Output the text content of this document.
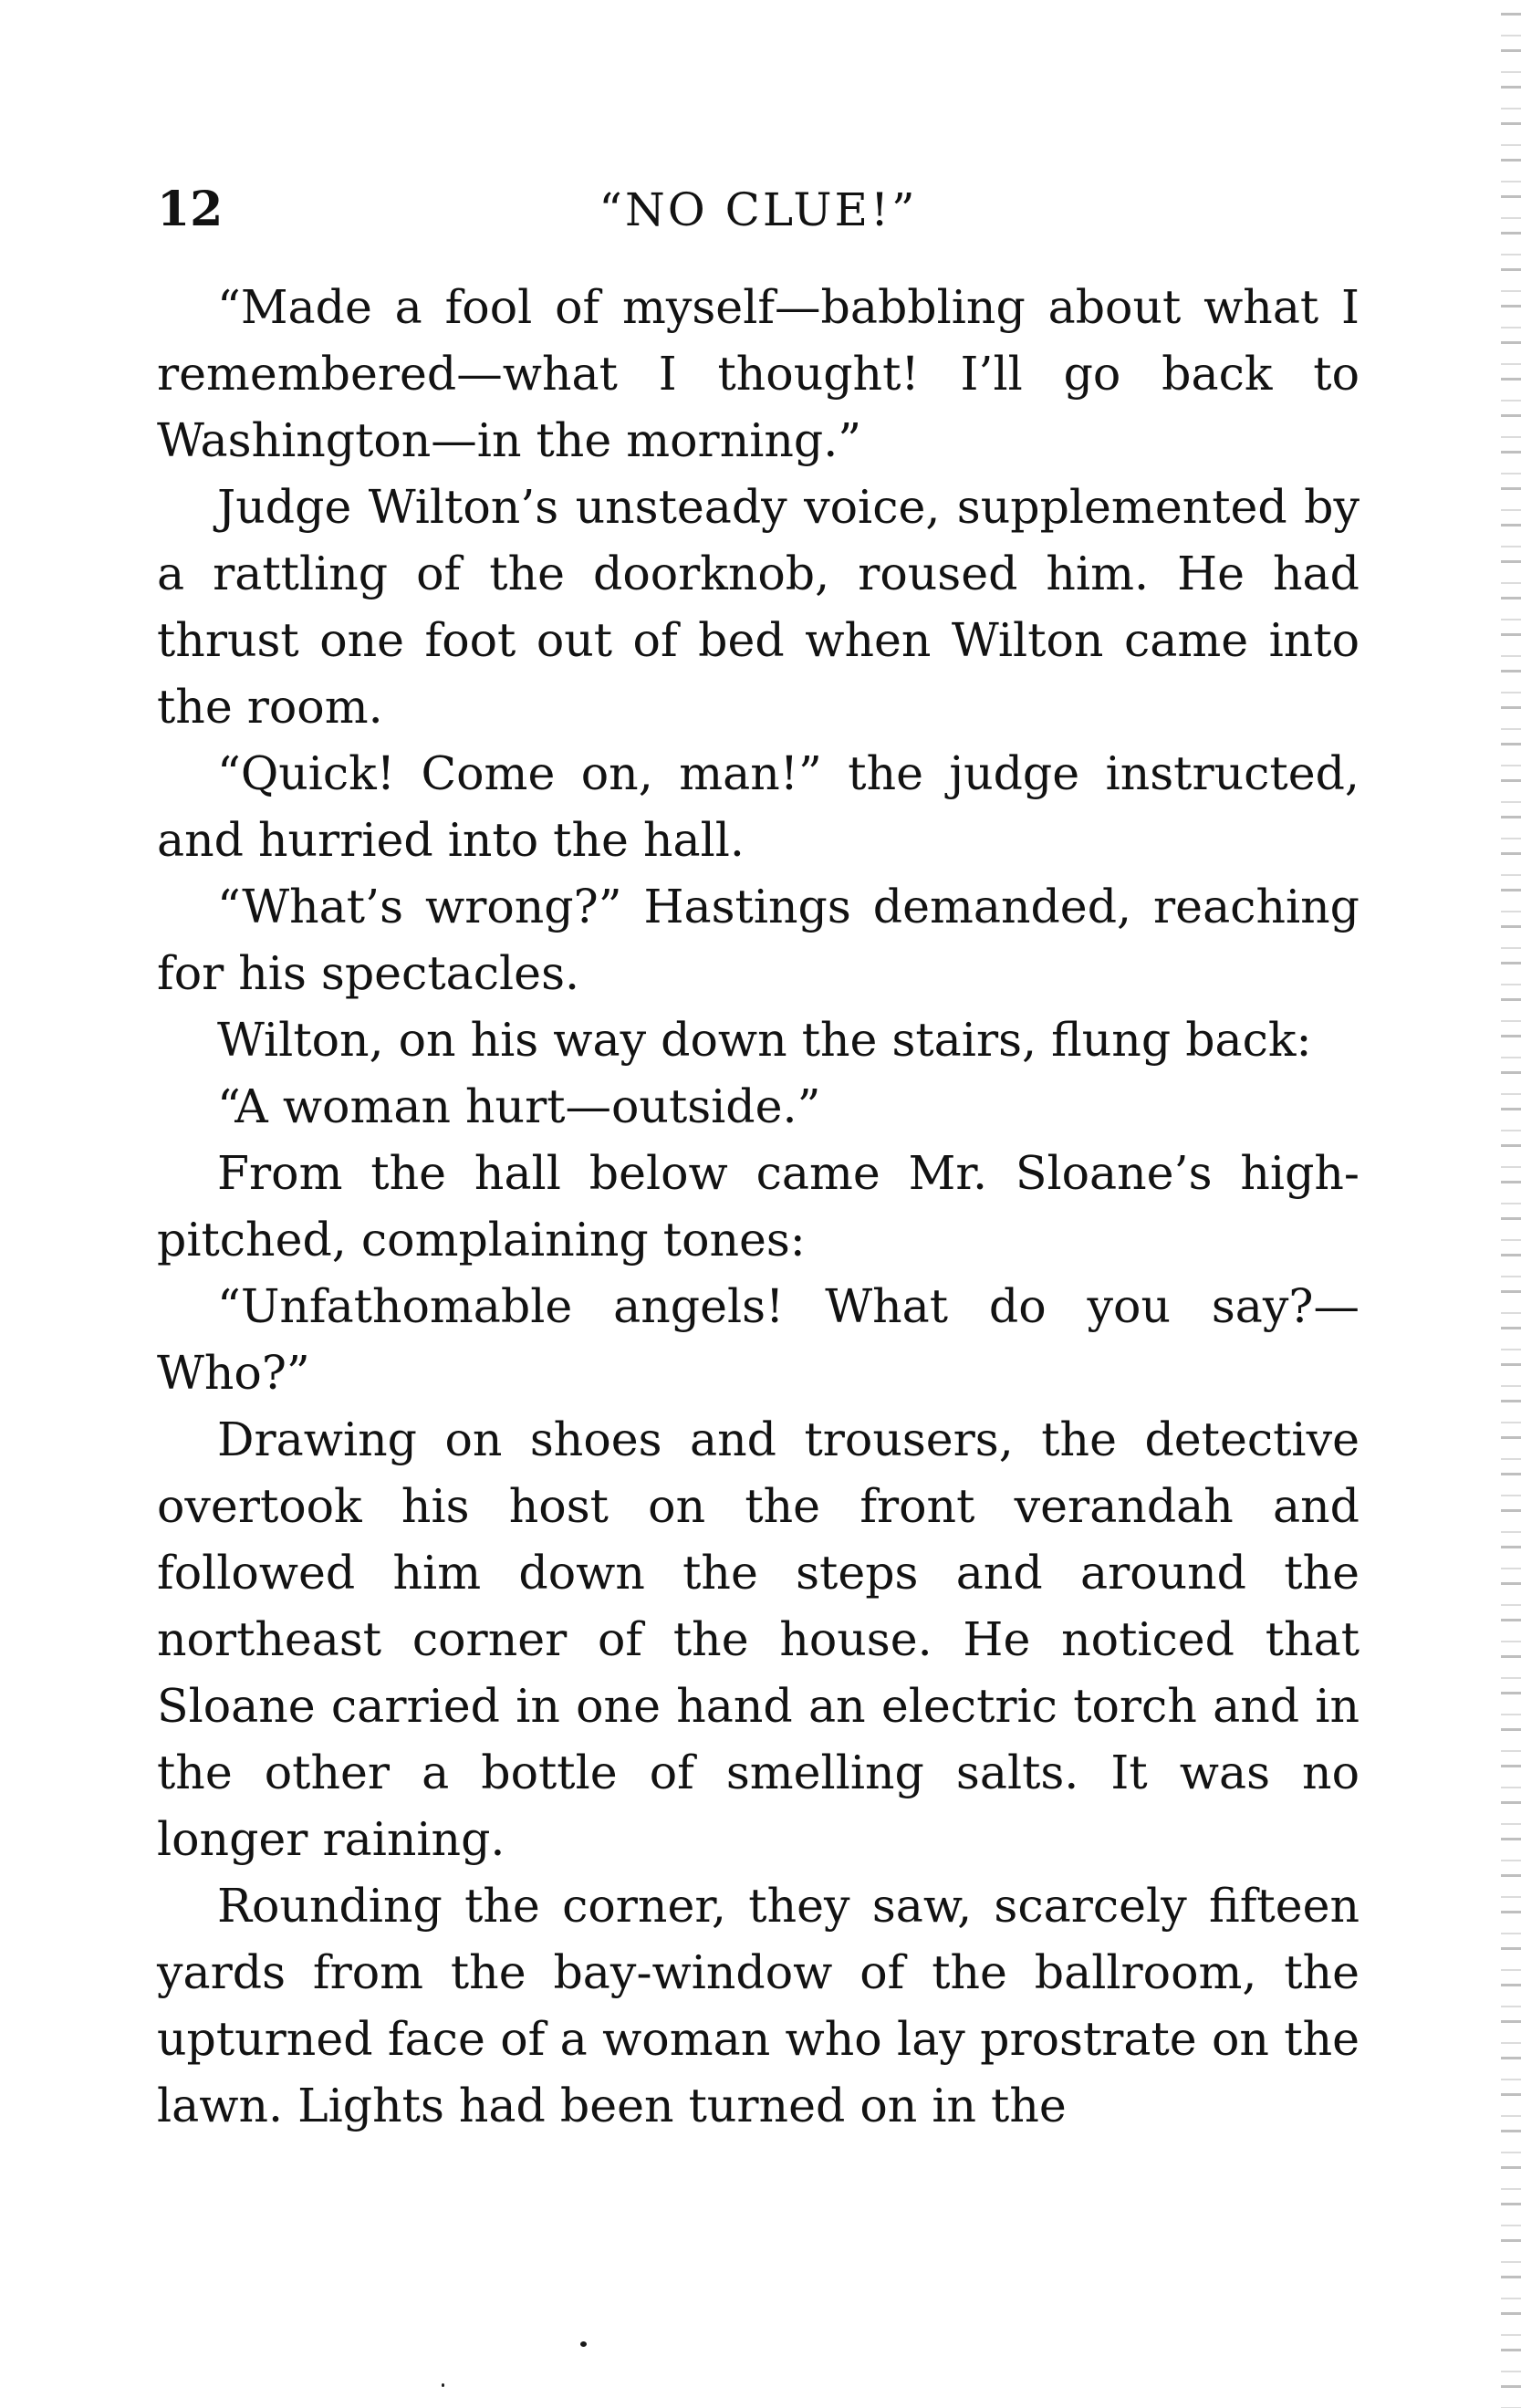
12	“NO CLUE!”

“Made a fool of myself—babbling about what I remembered—what I thought! I’ll go back to Washington—in the morning.”

Judge Wilton’s unsteady voice, supplemented by a rattling of the doorknob, roused him. He had thrust one foot out of bed when Wilton came into the room.

“Quick! Come on, man!” the judge instructed, and hurried into the hall.

“What’s wrong?” Hastings demanded, reaching for his spectacles.

Wilton, on his way down the stairs, flung back:

“A woman hurt—outside.”

From the hall below came Mr. Sloane’s high-pitched, complaining tones:

“Unfathomable angels! What do you say?—Who?”

Drawing on shoes and trousers, the detective overtook his host on the front verandah and followed him down the steps and around the northeast corner of the house. He noticed that Sloane carried in one hand an electric torch and in the other a bottle of smelling salts. It was no longer raining.

Rounding the corner, they saw, scarcely fifteen yards from the bay-window of the ballroom, the upturned face of a woman who lay prostrate on the lawn. Lights had been turned on in the
